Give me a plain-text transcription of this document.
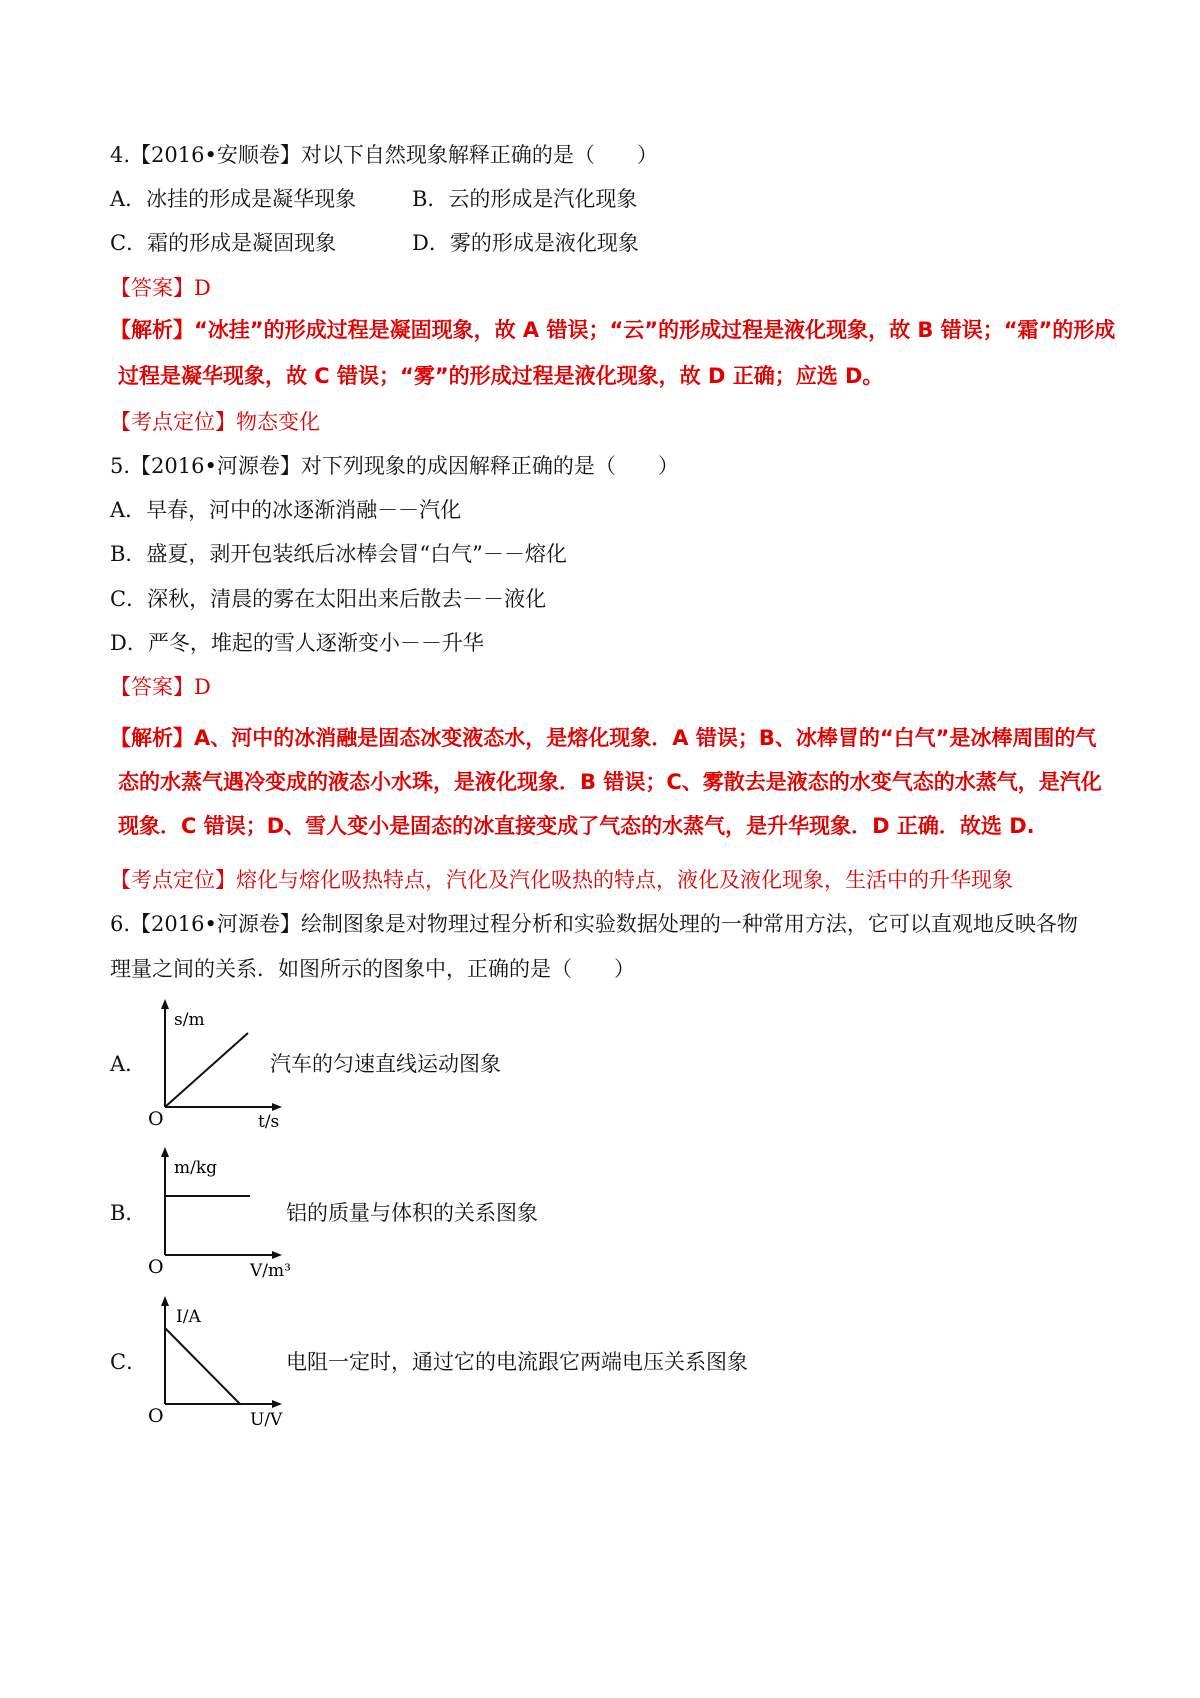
4.【2016•安顺卷】对以下自然现象解释正确的是（　　）
A．冰挂的形成是凝华现象	B．云的形成是汽化现象
C．霜的形成是凝固现象	D．雾的形成是液化现象
【答案】D
【解析】“冰挂”的形成过程是凝固现象，故 A 错误；“云”的形成过程是液化现象，故 B 错误；“霜”的形成
过程是凝华现象，故 C 错误；“雾”的形成过程是液化现象，故 D 正确；应选 D。
【考点定位】物态变化
5.【2016•河源卷】对下列现象的成因解释正确的是（　　）
A．早春，河中的冰逐渐消融－－汽化
B．盛夏，剥开包装纸后冰棒会冒“白气”－－熔化
C．深秋，清晨的雾在太阳出来后散去－－液化
D．严冬，堆起的雪人逐渐变小－－升华
【答案】D
【解析】A、河中的冰消融是固态冰变液态水，是熔化现象．A 错误；B、冰棒冒的“白气”是冰棒周围的气
态的水蒸气遇冷变成的液态小水珠，是液化现象．B 错误；C、雾散去是液态的水变气态的水蒸气，是汽化
现象．C 错误；D、雪人变小是固态的冰直接变成了气态的水蒸气，是升华现象．D 正确．故选 D.
【考点定位】熔化与熔化吸热特点，汽化及汽化吸热的特点，液化及液化现象，生活中的升华现象
6.【2016•河源卷】绘制图象是对物理过程分析和实验数据处理的一种常用方法，它可以直观地反映各物
理量之间的关系．如图所示的图象中，正确的是（　　）
A．
s/m
O	t/s
汽车的匀速直线运动图象
B．
m/kg
O	V/m³
铝的质量与体积的关系图象
C．
I/A
O	U/V
电阻一定时，通过它的电流跟它两端电压关系图象
